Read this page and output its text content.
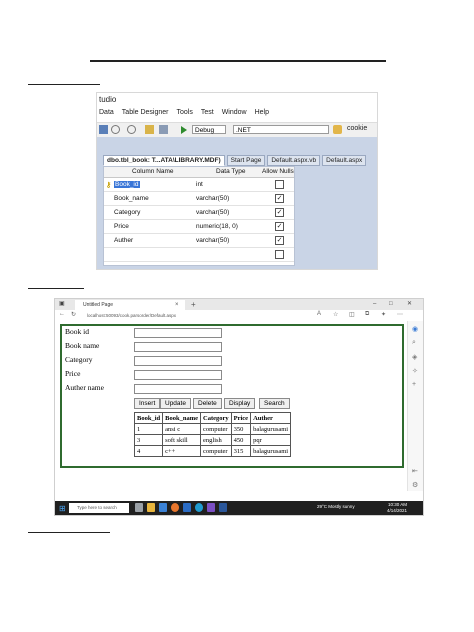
tudio
Data Table Designer Tools Test Window Help
Debug	.NET	cookie
dbo.tbl_book: T...ATA\LIBRARY.MDF)	Start Page	Default.aspx.vb	Default.aspx
Column Name	Data Type	Allow Nulls
⚷ Book_id	int
Book_name	varchar(50)	✓
Category	varchar(50)	✓
Price	numeric(18, 0)	✓
Auther	varchar(50)	✓
▣	Untitled Page	× +	– □ ✕
← ↻ localhost:50093/cook.parsorder/Default.aspx	A ☆ ◫ ⧉ ✦ ⋯
◉
⌕
◈
✧
+
⇤
⚙
Book id
Book name
Category
Price
Auther name
Insert	Update	Delete	Display	Search
Book_id	Book_name	Category	Price	Auther
1	ansi c	computer	350	balagurusami
3	soft skill	english	450	pqr
4	c++	computer	315	balagurusami
⊞	Type here to search	29°C Mostly sunny	10:30 AM
4/14/2021
